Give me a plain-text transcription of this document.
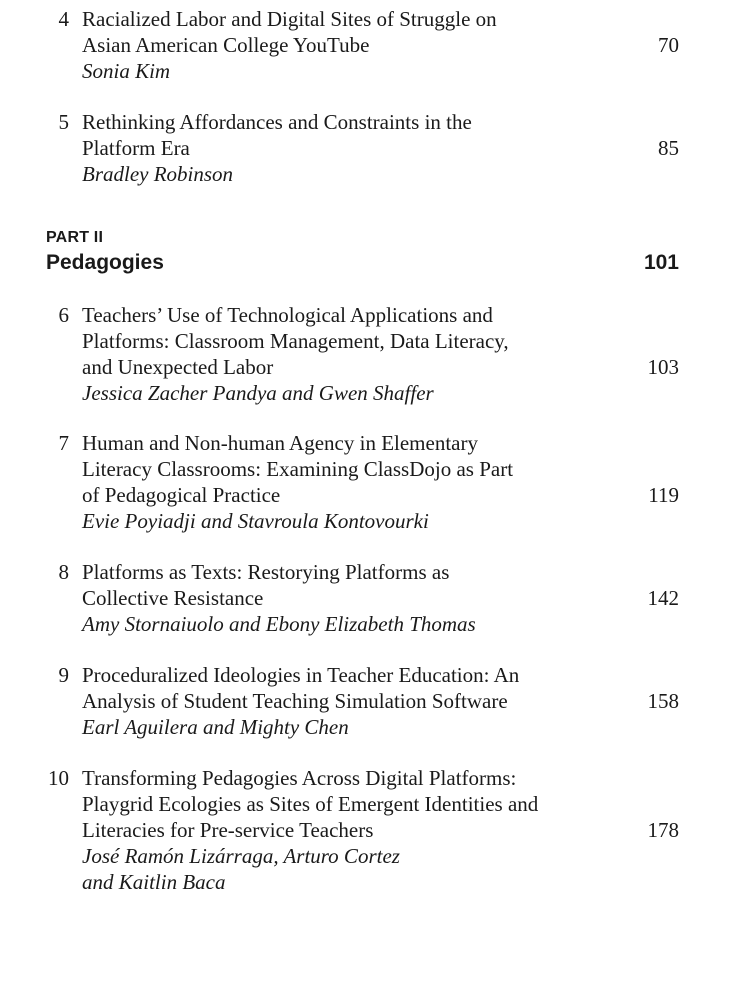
4 Racialized Labor and Digital Sites of Struggle on
Asian American College YouTube
Sonia Kim
70
5 Rethinking Affordances and Constraints in the
Platform Era
Bradley Robinson
85
PART II
Pedagogies	101
6 Teachers’ Use of Technological Applications and
Platforms: Classroom Management, Data Literacy,
and Unexpected Labor
Jessica Zacher Pandya and Gwen Shaffer
103
7 Human and Non-human Agency in Elementary
Literacy Classrooms: Examining ClassDojo as Part
of Pedagogical Practice
Evie Poyiadji and Stavroula Kontovourki
119
8 Platforms as Texts: Restorying Platforms as
Collective Resistance
Amy Stornaiuolo and Ebony Elizabeth Thomas
142
9 Proceduralized Ideologies in Teacher Education: An
Analysis of Student Teaching Simulation Software
Earl Aguilera and Mighty Chen
158
10 Transforming Pedagogies Across Digital Platforms:
Playgrid Ecologies as Sites of Emergent Identities and
Literacies for Pre-service Teachers
José Ramón Lizárraga, Arturo Cortez
and Kaitlin Baca
178
